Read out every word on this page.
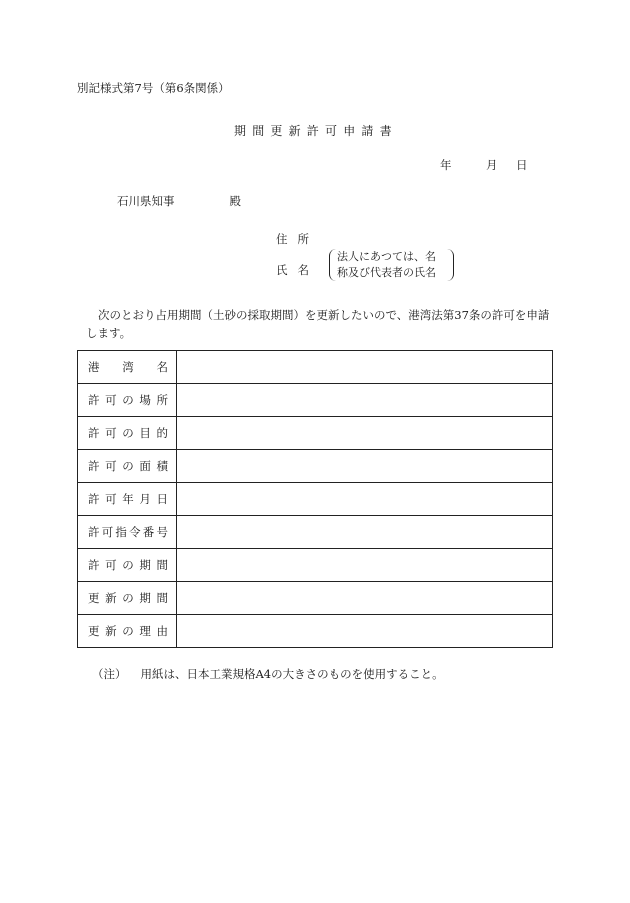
別記様式第7号（第6条関係）
期間更新許可申請書
年	月 日
石川県知事	殿
住所
氏名
法人にあつては、名
称及び代表者の氏名
次のとおり占用期間（土砂の採取期間）を更新したいので、港湾法第37条の許可を申請
します。
港湾名	
許可の場所	
許可の目的	
許可の面積	
許可年月日	
許可指令番号	
許可の期間	
更新の期間	
更新の理由	
（注） 用紙は、日本工業規格A4の大きさのものを使用すること。
